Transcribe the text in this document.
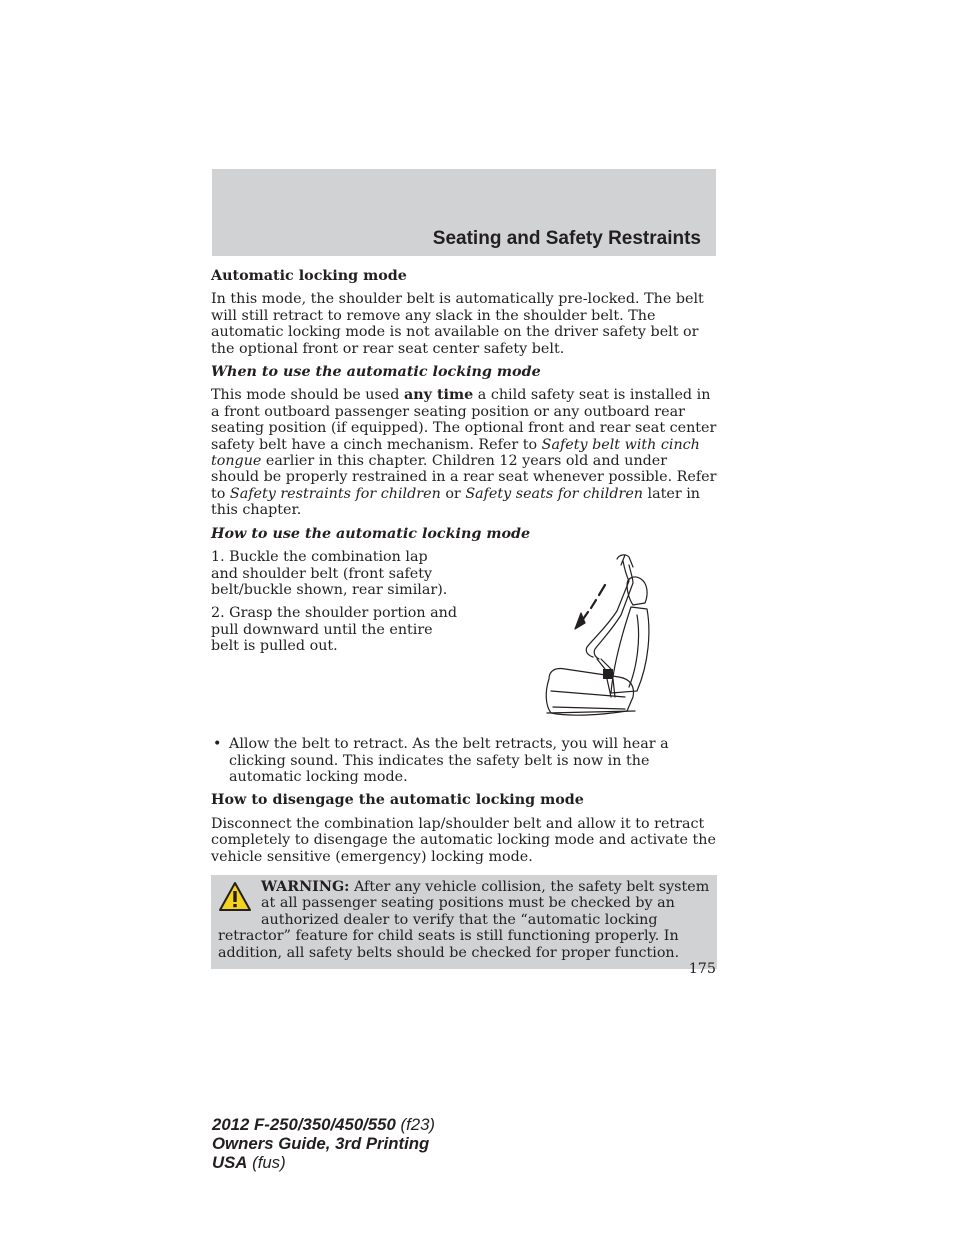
Seating and Safety Restraints

Automatic locking mode

In this mode, the shoulder belt is automatically pre-locked. The belt will still retract to remove any slack in the shoulder belt. The automatic locking mode is not available on the driver safety belt or the optional front or rear seat center safety belt.

When to use the automatic locking mode

This mode should be used any time a child safety seat is installed in a front outboard passenger seating position or any outboard rear seating position (if equipped). The optional front and rear seat center safety belt have a cinch mechanism. Refer to Safety belt with cinch tongue earlier in this chapter. Children 12 years old and under should be properly restrained in a rear seat whenever possible. Refer to Safety restraints for children or Safety seats for children later in this chapter.

How to use the automatic locking mode

1. Buckle the combination lap and shoulder belt (front safety belt/buckle shown, rear similar).

2. Grasp the shoulder portion and pull downward until the entire belt is pulled out.

• Allow the belt to retract. As the belt retracts, you will hear a clicking sound. This indicates the safety belt is now in the automatic locking mode.

How to disengage the automatic locking mode

Disconnect the combination lap/shoulder belt and allow it to retract completely to disengage the automatic locking mode and activate the vehicle sensitive (emergency) locking mode.

WARNING: After any vehicle collision, the safety belt system at all passenger seating positions must be checked by an authorized dealer to verify that the “automatic locking retractor” feature for child seats is still functioning properly. In addition, all safety belts should be checked for proper function.
175
2012 F-250/350/450/550 (f23)
Owners Guide, 3rd Printing
USA (fus)
